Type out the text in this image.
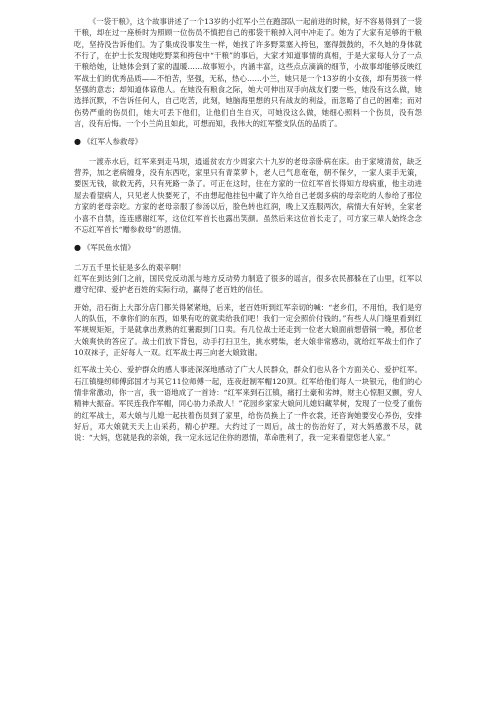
《一袋干粮》，这个故事讲述了一个13岁的小红军小兰在跑部队一起前进的时候，好不容易得到了一袋干粮，却在过一座桥时为照顾一位伤员不慎把自己的那袋干粮掉入河中冲走了。她为了大家有足够的干粮吃，坚持没告诉他们。为了集成没事发生一样，她找了许多野菜塞入挎包，塞得鼓鼓的，不久她的身体就不行了，在护士长发现她吃野菜和挎包中“干粮”的事后，大家才知道事情的真相，于是大家每人分了一点干粮给她，让她体会到了家的温暖……故事短小，内涵丰富，这些点点滴滴的细节，小故事却能够反映红军战士们的优秀品质——不怕苦，坚强，无私，热心……小兰，她只是一个13岁的小女孩，却有男孩一样坚强的意志；却知道体谅他人。在她没有粮食之际，她大可伸出双手向战友们要一些，她没有这么做，她选择沉默，不告诉任何人，自己吃苦，此刻，她脑海里想的只有战友的利益，而忽略了自己的困难；而对伤势严重的伤员们，她大可丢下他们，让他们自生自灭，可她没这么做，她细心照料一个伤员，没有怨言，没有后悔。一个小兰尚且如此，可想而知，我伟大的红军整支队伍的品质了。

● 《红军人参救母》

一渡赤水后，红军来到走马坝，逍遥贫农方少周家六十九岁的老母亲卧病在床。由于家境清贫，缺乏营养，加之老病缠身，没有东西吃，家里只有青菜萝卜，老人已气息奄奄，朝不保夕，一家人束手无策，要医无钱，欲救无药，只有死路一条了。可正在这时，住在方家的一位红军首长得知方母病重，他主动进屋去看望病人，只见老人快要死了，不由想起他挂包中藏了许久给自己老弱多病的母亲吃的人参给了那位方家的老母亲吃。方家的老母亲服了参汤以后，脸色转也红润，晚上又连服两次，病情大有好转，全家老小喜不自禁，连连感谢红军，这位红军首长也露出笑颜。虽然后来这位首长走了，可方家三辈人始终念念不忘红军首长“赠参救母”的恩情。

● 《军民鱼水情》

二万五千里长征是多么的艰辛啊！

红军在到达剑门之前，国民党反动派与地方反动势力制造了很多的谣言，很多农民都躲在了山里，红军以遵守纪律、爱护老百姓的实际行动，赢得了老百姓的信任。

开始，沿石街上大部分店门都关得紧紧地，后来，老百姓听到红军亲切的喊：“老乡们，不用怕，我们是穷人的队伍，不拿你们的东西，如果有吃的就卖给我们吧！我们一定会照价付钱的。”有些人从门缝里看到红军规规矩矩，于是就拿出煮熟的红薯跟到门口卖。有几位战士还走到一位老大娘面前想借锅一晚，那位老大娘爽快的答应了。战士们放下背包，动手打扫卫生，挑水劈柴，老大娘非常感动，就给红军战士们作了10双袜子，正好每人一双。红军战士再三向老大娘致谢。

红军战士关心、爱护群众的感人事迹深深地感动了广大人民群众，群众们也从各个方面关心、爱护红军。石江镇缝纫师傅邱国才与其它11位师傅一起，连夜赶制军帽120顶。红军给他们每人一块银元，他们的心情非常激动，你一言，我一语地成了一首诗：“红军来到石江镇，痛打土豪和劣绅，财主心惊胆又颤，穷人精神大振奋。军民连我作军帽，同心协力杀敌人！”花园乡家家大娘问儿媳妇藏苹树，发现了一位受了重伤的红军战士，邓大娘与儿媳一起扶着伤员到了家里，给伤员换上了一件衣裳，还咨询她要安心养伤，安排好后，邓大娘就天天上山采药，精心护理。大约过了一周后，战士的伤治好了，对大妈感激不尽，就说：“大妈，您就是我的亲娘，我一定永远记住你的恩情，革命胜利了，我一定来看望您老人家。”
